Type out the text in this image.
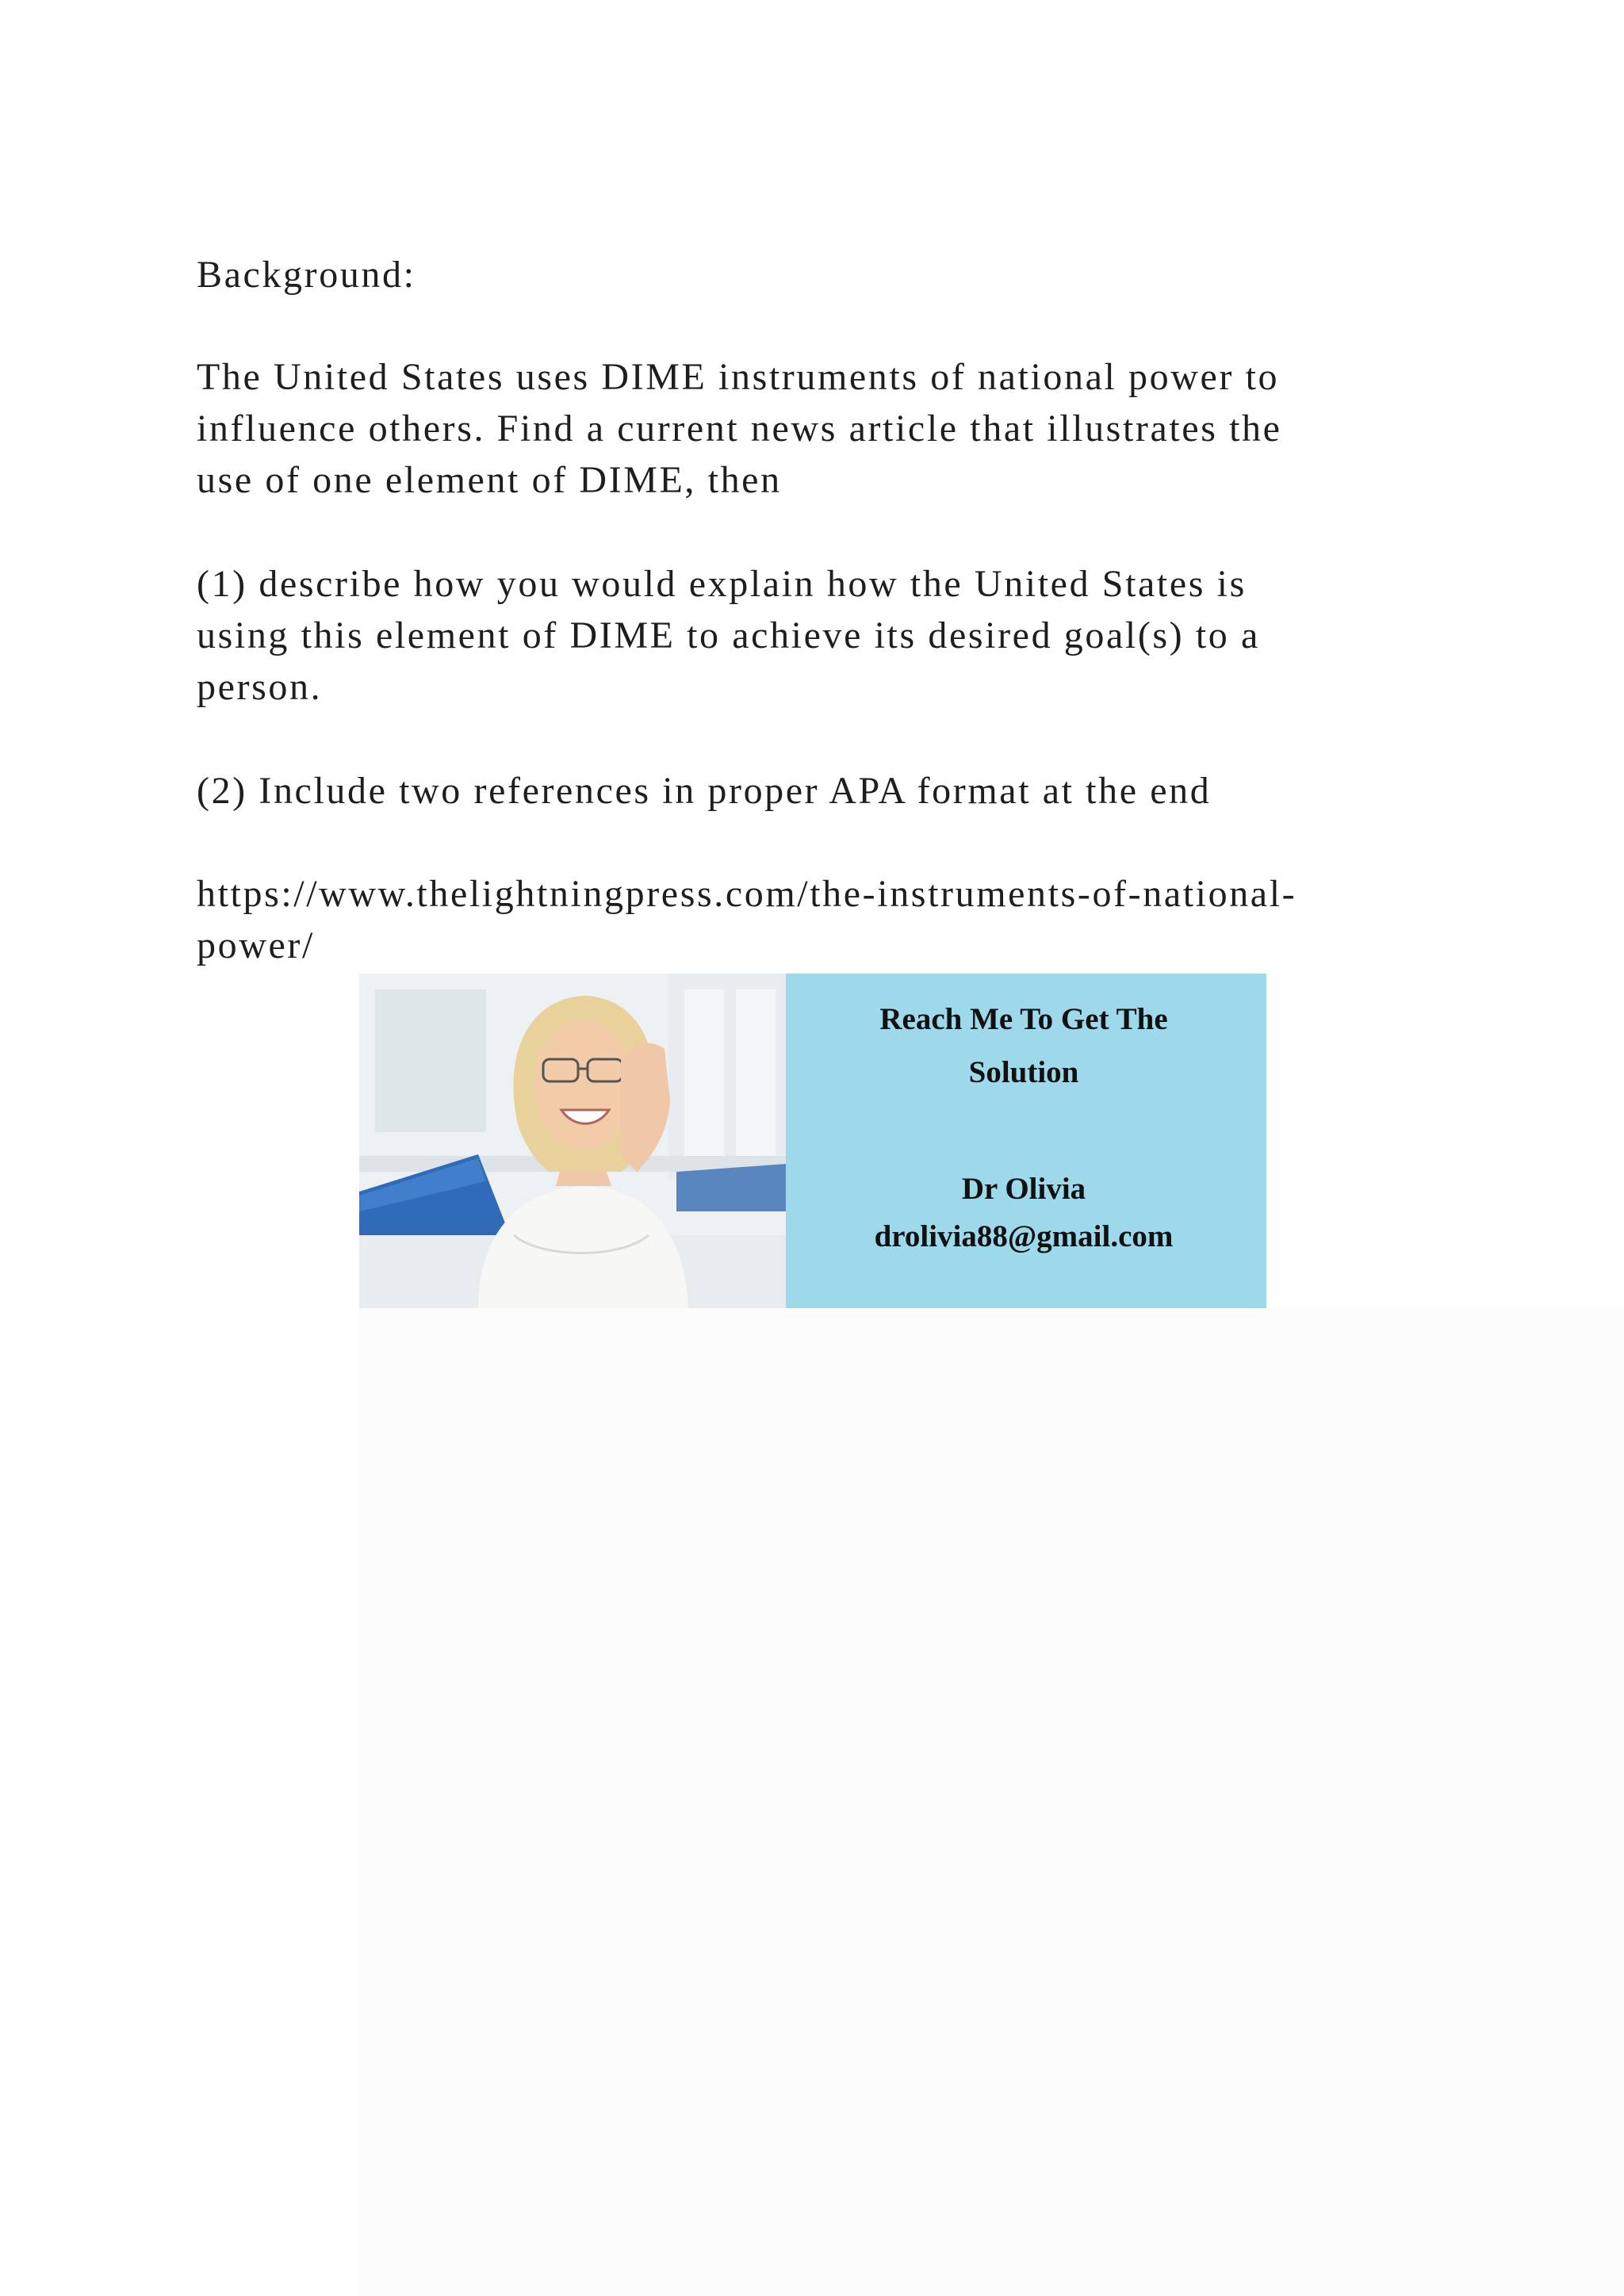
Background:

The United States uses DIME instruments of national power to

influence others. Find a current news article that illustrates the

use of one element of DIME, then

(1) describe how you would explain how the United States is

using this element of DIME to achieve its desired goal(s) to a

person.

(2) Include two references in proper APA format at the end

https://www.thelightningpress.com/the-instruments-of-national-

power/

Reach Me To Get The
Solution
Dr Olivia
drolivia88@gmail.com
